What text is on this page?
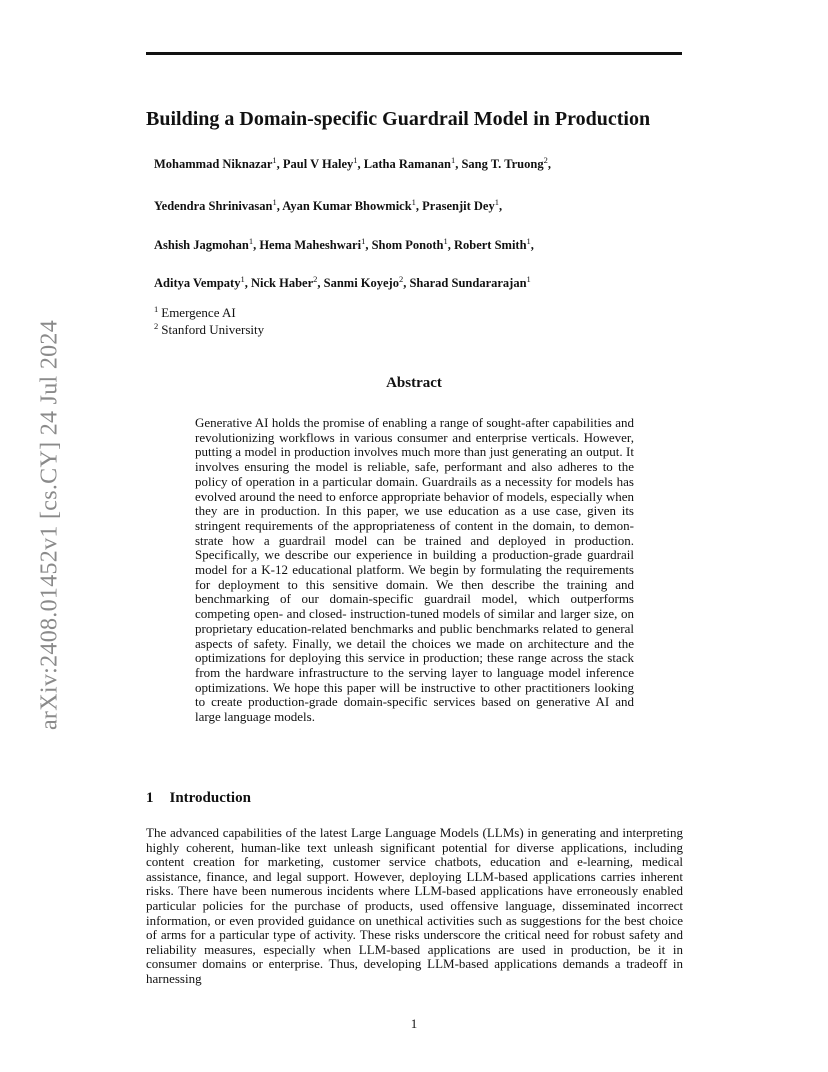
arXiv:2408.01452v1 [cs.CY] 24 Jul 2024
Building a Domain-specific Guardrail Model in Production
Mohammad Niknazar$^1$, Paul V Haley$^1$, Latha Ramanan$^1$, Sang T. Truong$^2$,
Yedendra Shrinivasan$^1$, Ayan Kumar Bhowmick$^1$, Prasenjit Dey$^1$,
Ashish Jagmohan$^1$, Hema Maheshwari$^1$, Shom Ponoth$^1$, Robert Smith$^1$,
Aditya Vempaty$^1$, Nick Haber$^2$, Sanmi Koyejo$^2$, Sharad Sundararajan$^1$
$^1$ Emergence AI
$^2$ Stanford University
Abstract
Generative AI holds the promise of enabling a range of sought-after capabilities and revolutionizing workflows in various consumer and enterprise verticals. However, putting a model in production involves much more than just generating an output. It involves ensuring the model is reliable, safe, performant and also adheres to the policy of operation in a particular domain. Guardrails as a necessity for models has evolved around the need to enforce appropriate behavior of models, especially when they are in production. In this paper, we use education as a use case, given its stringent requirements of the appropriateness of content in the domain, to demonstrate how a guardrail model can be trained and deployed in production. Specifically, we describe our experience in building a production-grade guardrail model for a K-12 educational platform. We begin by formulating the requirements for deployment to this sensitive domain. We then describe the training and benchmarking of our domain-specific guardrail model, which outperforms competing open- and closed- instruction-tuned models of similar and larger size, on proprietary education-related benchmarks and public benchmarks related to general aspects of safety. Finally, we detail the choices we made on architecture and the optimizations for deploying this service in production; these range across the stack from the hardware infrastructure to the serving layer to language model inference optimizations. We hope this paper will be instructive to other practitioners looking to create production-grade domain-specific services based on generative AI and large language models.
1 Introduction
The advanced capabilities of the latest Large Language Models (LLMs) in generating and interpreting highly coherent, human-like text unleash significant potential for diverse applications, including content creation for marketing, customer service chatbots, education and e-learning, medical assistance, finance, and legal support. However, deploying LLM-based applications carries inherent risks. There have been numerous incidents where LLM-based applications have erroneously enabled particular policies for the purchase of products, used offensive language, disseminated incorrect information, or even provided guidance on unethical activities such as suggestions for the best choice of arms for a particular type of activity. These risks underscore the critical need for robust safety and reliability measures, especially when LLM-based applications are used in production, be it in consumer domains or enterprise. Thus, developing LLM-based applications demands a tradeoff in harnessing
1
